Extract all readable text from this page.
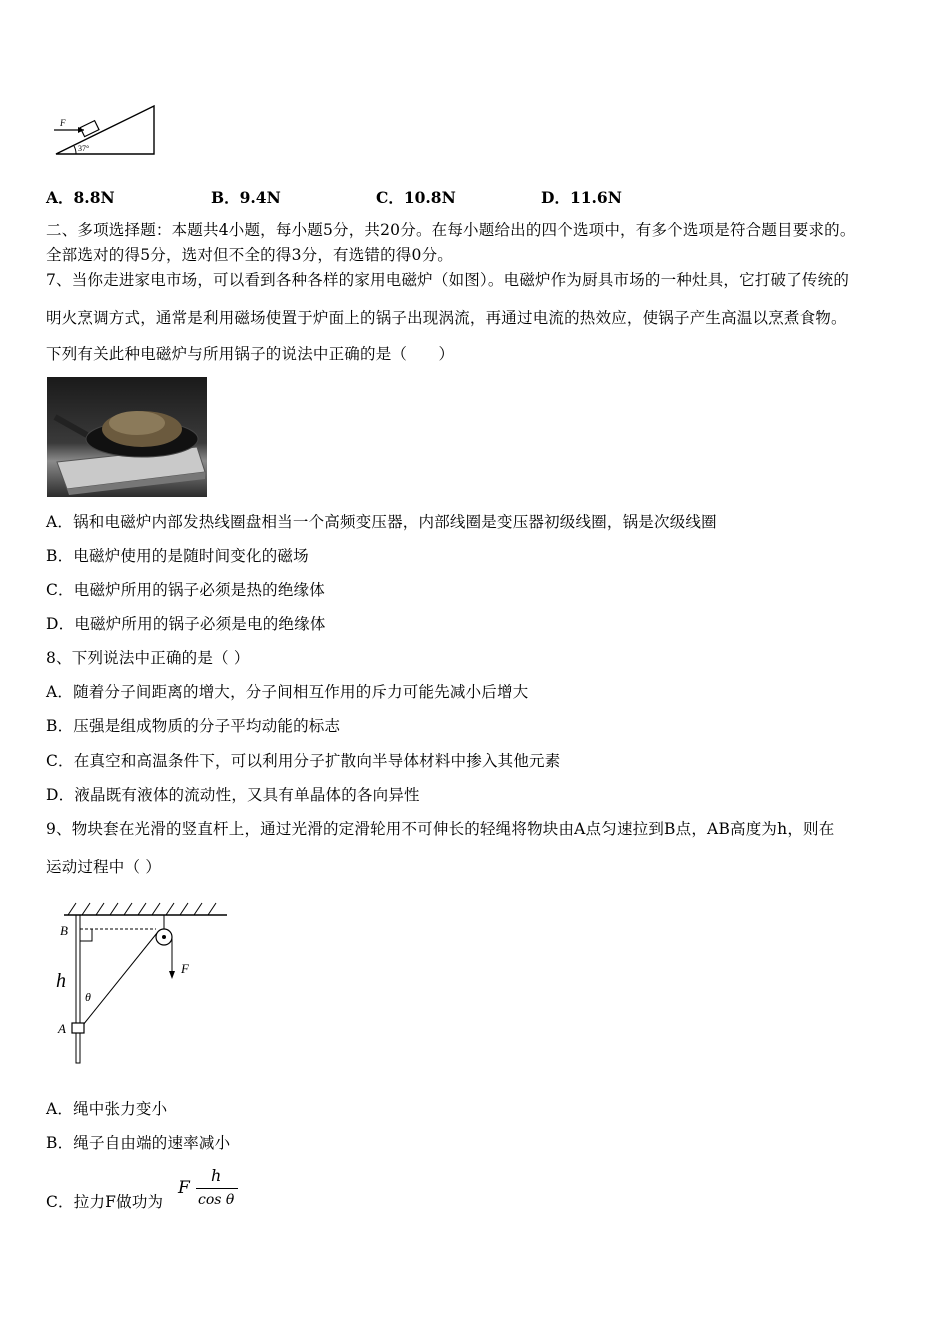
F
37°
A．8.8N	B．9.4N	C．10.8N	D．11.6N
二、多项选择题：本题共4小题，每小题5分，共20分。在每小题给出的四个选项中，有多个选项是符合题目要求的。
全部选对的得5分，选对但不全的得3分，有选错的得0分。
7、当你走进家电市场，可以看到各种各样的家用电磁炉（如图）。电磁炉作为厨具市场的一种灶具，它打破了传统的
明火烹调方式，通常是利用磁场使置于炉面上的锅子出现涡流，再通过电流的热效应，使锅子产生高温以烹煮食物。
下列有关此种电磁炉与所用锅子的说法中正确的是（　　）
A．锅和电磁炉内部发热线圈盘相当一个高频变压器，内部线圈是变压器初级线圈，锅是次级线圈
B．电磁炉使用的是随时间变化的磁场
C．电磁炉所用的锅子必须是热的绝缘体
D．电磁炉所用的锅子必须是电的绝缘体
8、下列说法中正确的是（ ）
A．随着分子间距离的增大，分子间相互作用的斥力可能先减小后增大
B．压强是组成物质的分子平均动能的标志
C．在真空和高温条件下，可以利用分子扩散向半导体材料中掺入其他元素
D．液晶既有液体的流动性，又具有单晶体的各向异性
9、物块套在光滑的竖直杆上，通过光滑的定滑轮用不可伸长的轻绳将物块由A点匀速拉到B点，AB高度为h，则在
运动过程中（ ）
B
h
θ
A
F
A．绳中张力变小
B．绳子自由端的速率减小
C．拉力F做功为
F
h
cos θ
